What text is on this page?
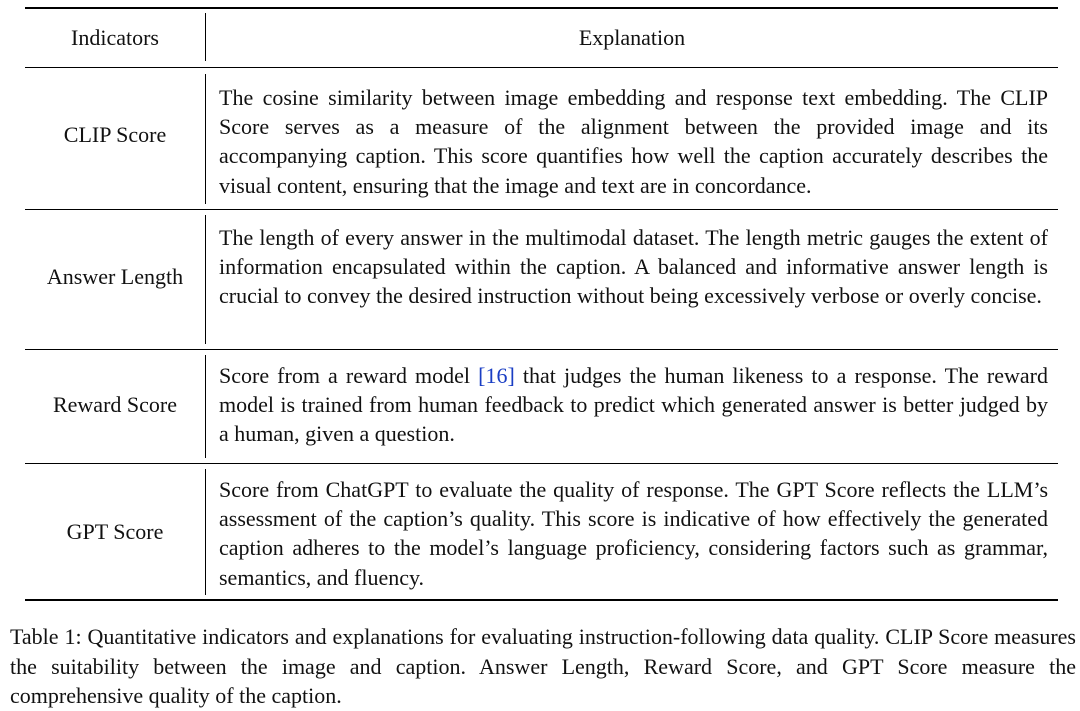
Indicators	Explanation
CLIP Score
The cosine similarity between image embedding and response text embedding. The CLIP Score serves as a measure of the alignment between the provided image and its accompanying caption. This score quantifies how well the caption accurately describes the visual content, ensuring that the image and text are in concordance.
Answer Length
The length of every answer in the multimodal dataset. The length metric gauges the extent of information encapsulated within the caption. A balanced and informative answer length is crucial to convey the desired instruction without being excessively verbose or overly concise.
Reward Score
Score from a reward model [16] that judges the human likeness to a response. The reward model is trained from human feedback to predict which generated answer is better judged by a human, given a question.
GPT Score
Score from ChatGPT to evaluate the quality of response. The GPT Score reflects the LLM’s assessment of the caption’s quality. This score is indicative of how effectively the generated caption adheres to the model’s language proficiency, considering factors such as grammar, semantics, and fluency.
Table 1: Quantitative indicators and explanations for evaluating instruction-following data quality. CLIP Score measures the suitability between the image and caption. Answer Length, Reward Score, and GPT Score measure the comprehensive quality of the caption.
